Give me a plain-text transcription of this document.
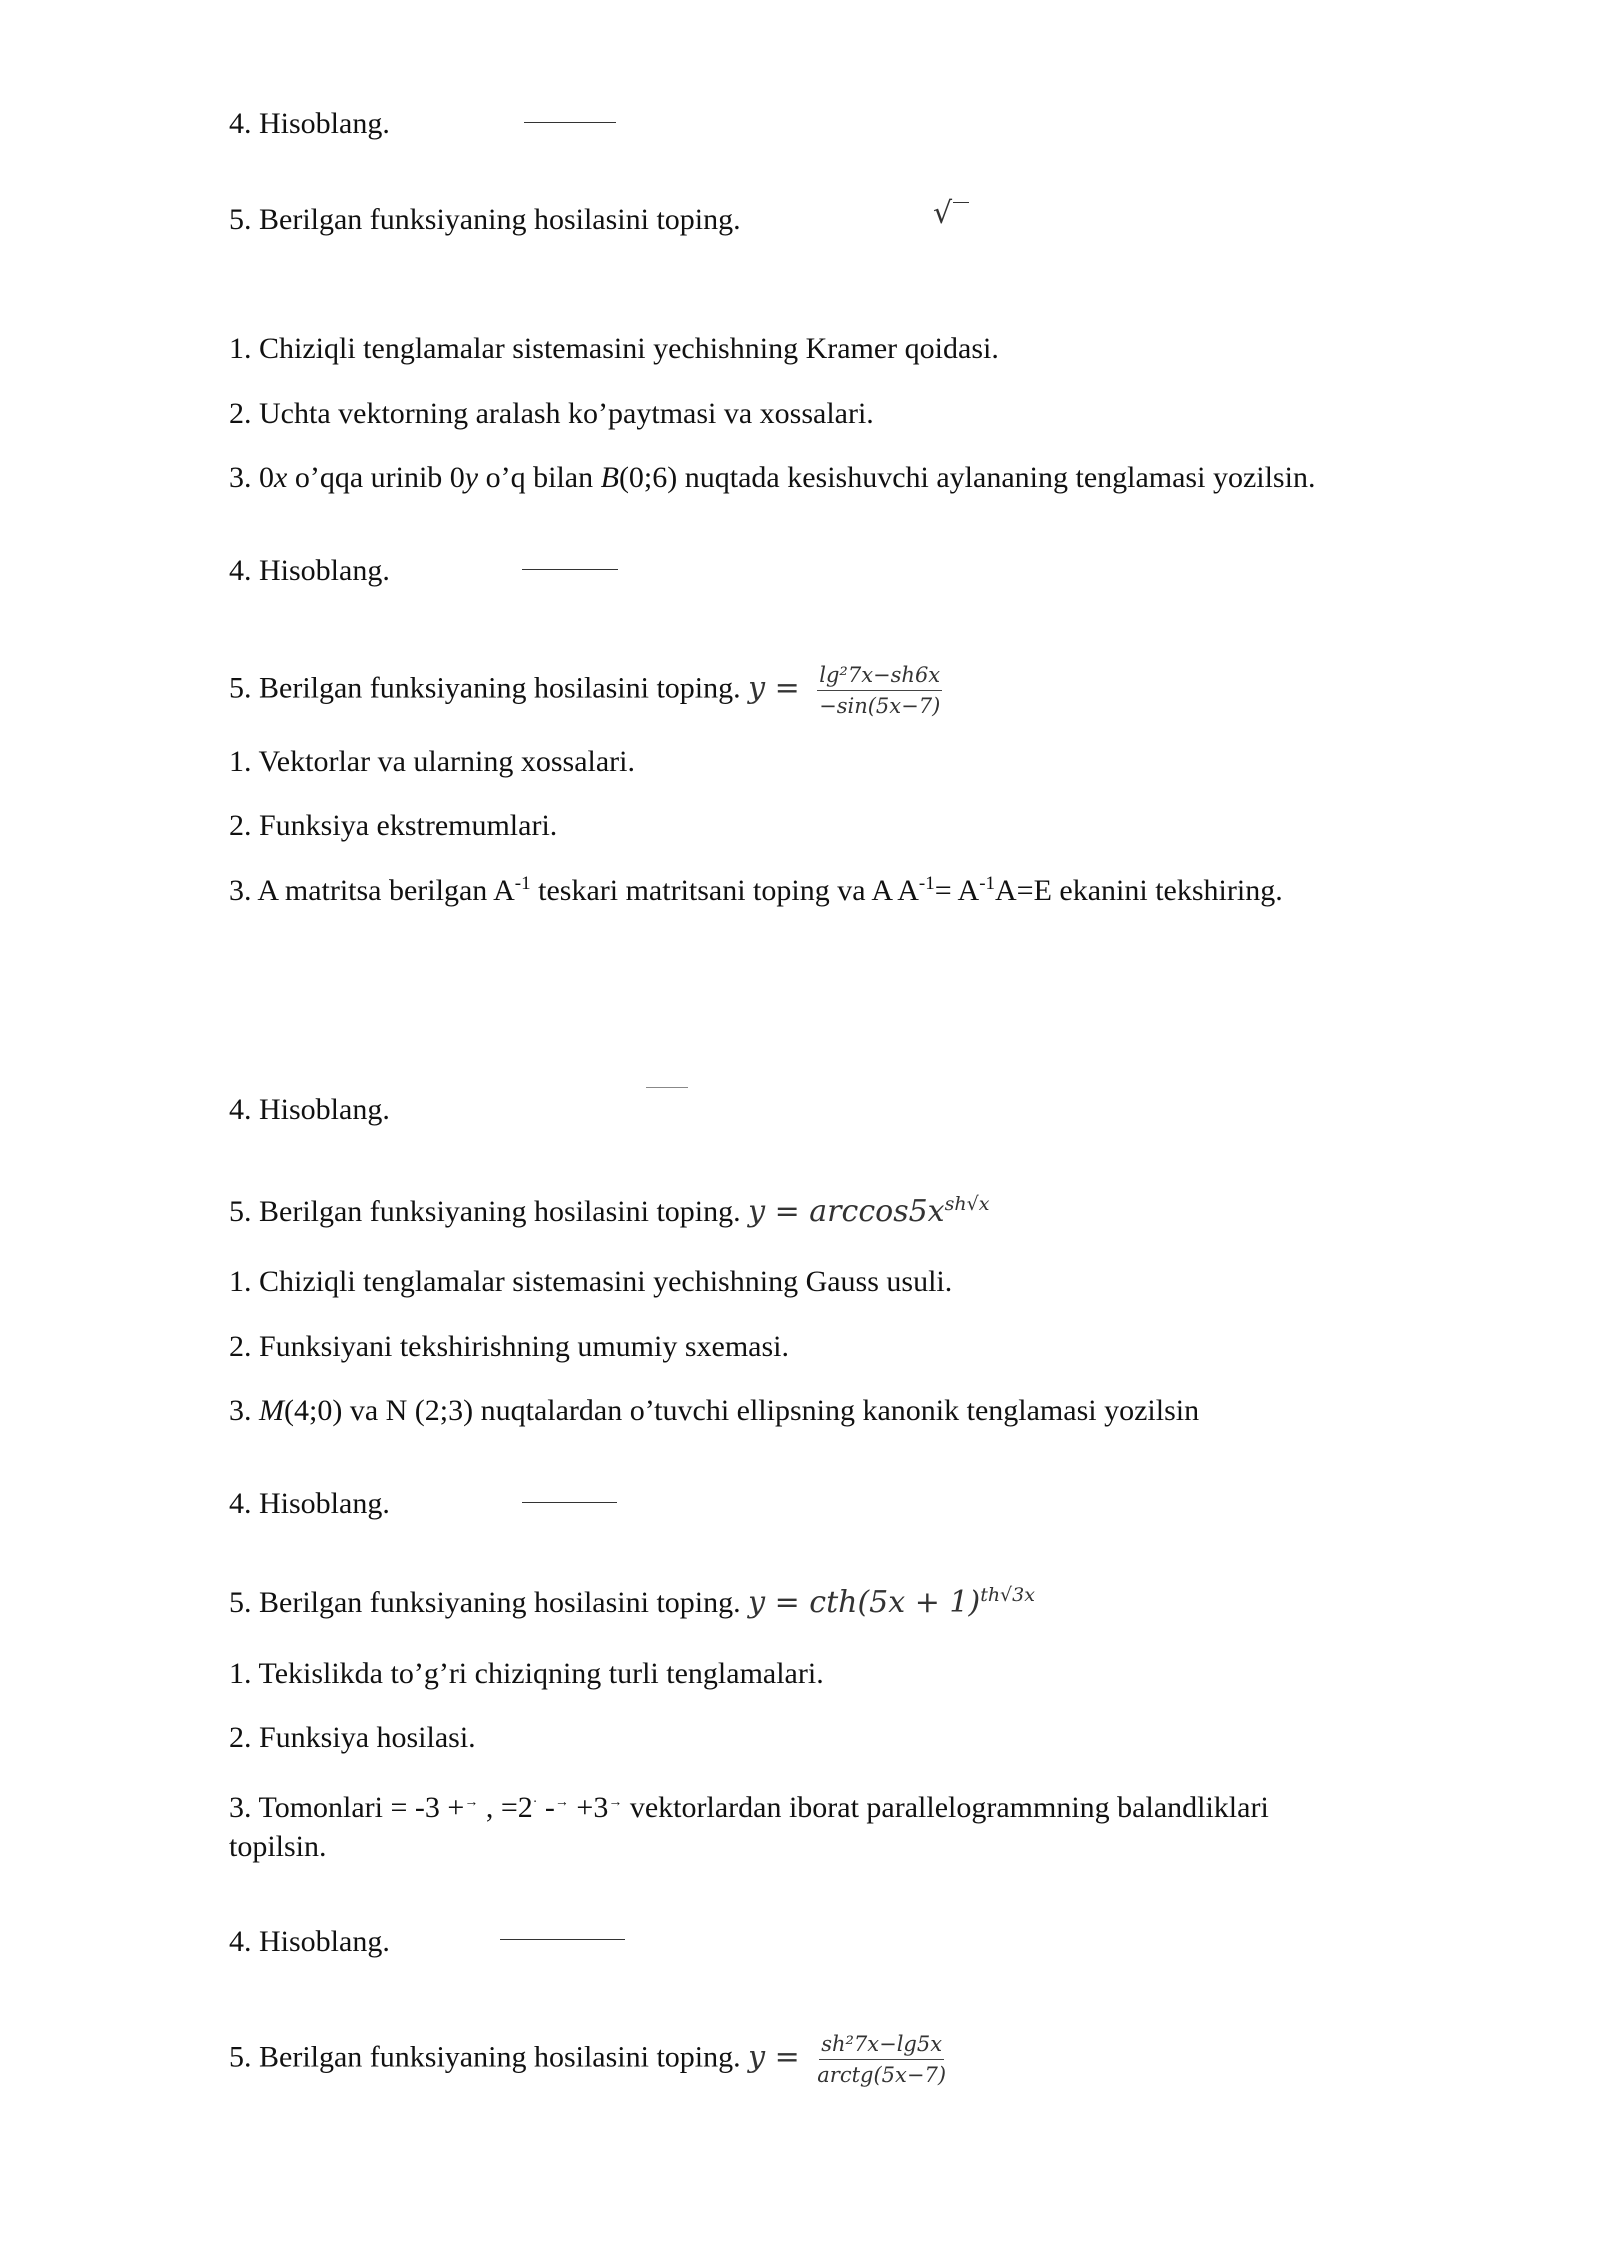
4. Hisoblang.
5. Berilgan funksiyaning hosilasini toping.	√
1. Chiziqli tenglamalar sistemasini yechishning Kramer qoidasi.
2. Uchta vektorning aralash ko’paytmasi va xossalari.
3. 0x o’qqa urinib 0y o’q bilan B(0;6) nuqtada kesishuvchi aylananing tenglamasi yozilsin.
4. Hisoblang.
5. Berilgan funksiyaning hosilasini toping. $y = \frac{\text{lg²7x−sh6x}}{-\sin(5x-7)}$
1. Vektorlar va ularning xossalari.
2. Funksiya ekstremumlari.
3. A matritsa berilgan $A^{-1}$ teskari matritsani toping va A $A^{-1}= A^{-1}A=E$ ekanini tekshiring.
4. Hisoblang.
5. Berilgan funksiyaning hosilasini toping. $y = \arccos 5x^{sh√x}$
1. Chiziqli tenglamalar sistemasini yechishning Gauss usuli.
2. Funksiyani tekshirishning umumiy sxemasi.
3. M(4;0) va N (2;3) nuqtalardan o’tuvchi ellipsning kanonik tenglamasi yozilsin
4. Hisoblang.
5. Berilgan funksiyaning hosilasini toping. $y = cth(5x + 1)^{th√3x}$
1. Tekislikda to’g’ri chiziqning turli tenglamalari.
2. Funksiya hosilasi.
3. Tomonlari = -3 +→ , =2· -→ +3→ vektorlardan iborat parallelogrammning balandliklari
topilsin.
4. Hisoblang.
5. Berilgan funksiyaning hosilasini toping. $y = \frac{\text{sh²7x−lg5x}}{\text{arctg(5x−7)}}$
